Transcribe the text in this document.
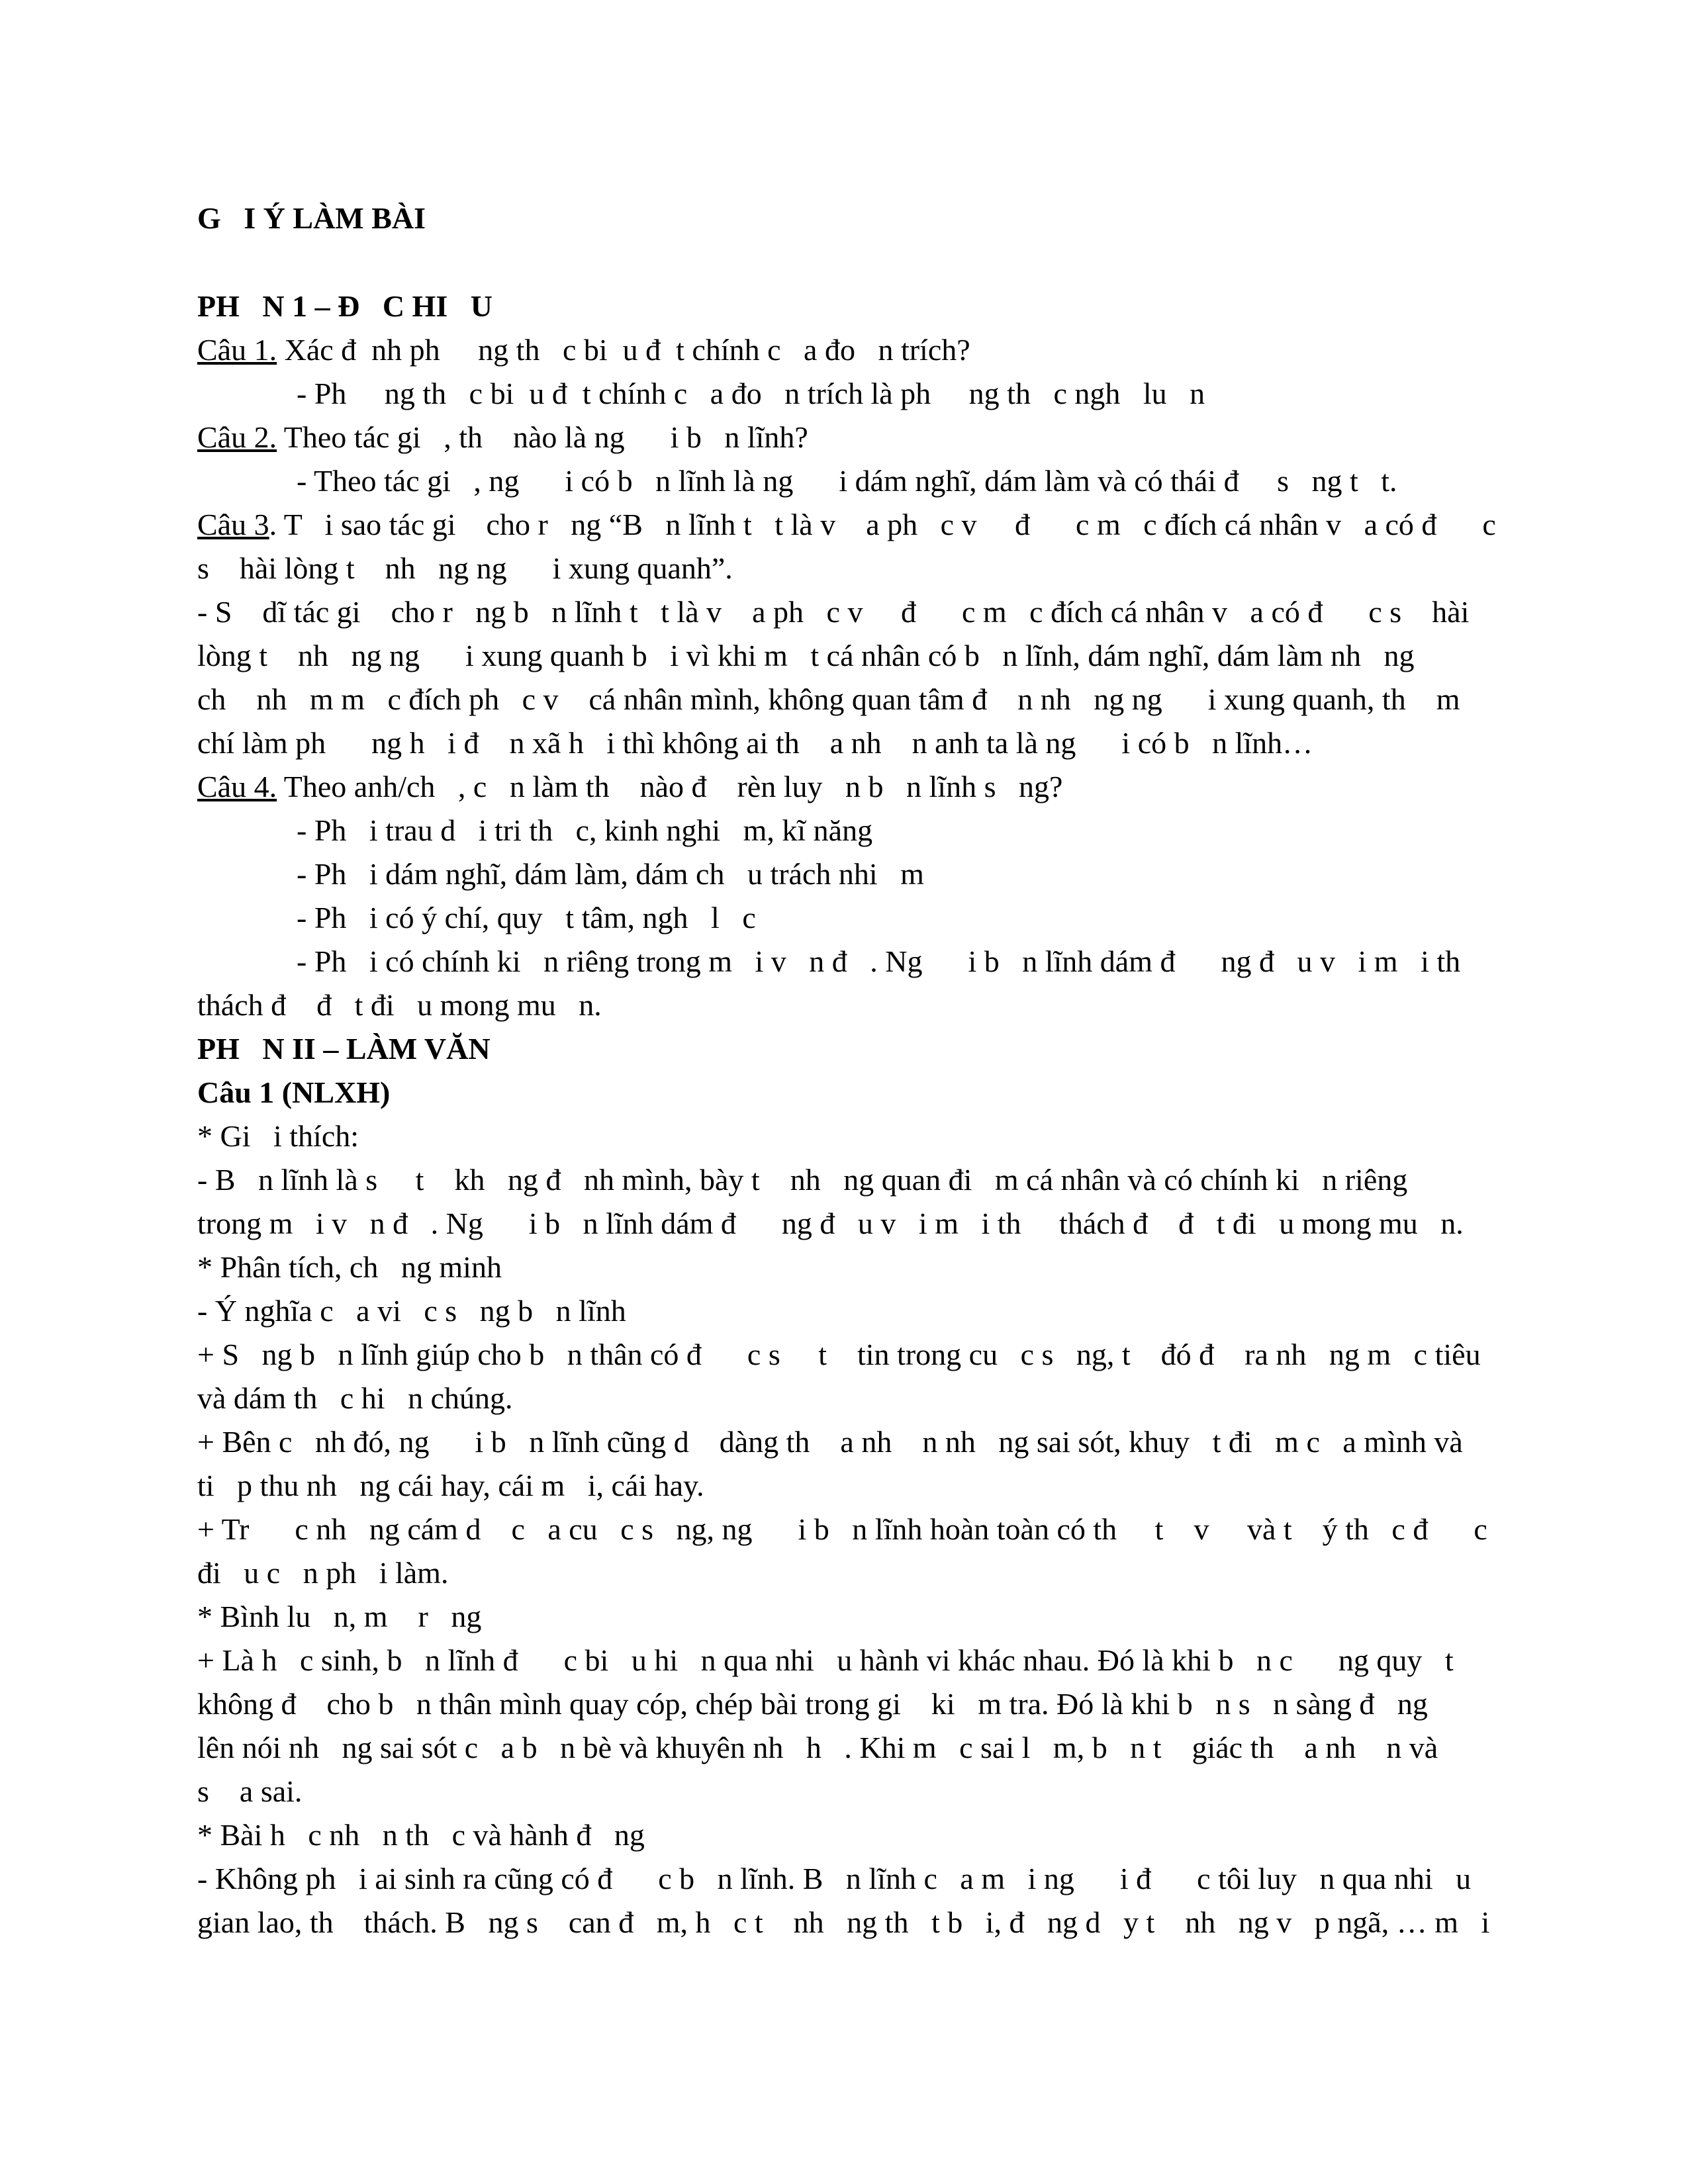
G   I Ý LÀM BÀI
PH   N 1 – Đ   C HI   U
Câu 1. Xác đ  nh ph     ng th   c bi  u đ  t chính c   a đo   n trích?
- Ph     ng th   c bi  u đ  t chính c   a đo   n trích là ph     ng th   c ngh   lu   n
Câu 2. Theo tác gi   , th    nào là ng      i b   n lĩnh?
- Theo tác gi   , ng      i có b   n lĩnh là ng      i dám nghĩ, dám làm và có thái đ     s   ng t   t.
Câu 3. T   i sao tác gi    cho r   ng “B   n lĩnh t   t là v    a ph   c v     đ      c m   c đích cá nhân v   a có đ      c
s    hài lòng t    nh   ng ng      i xung quanh”.
- S    dĩ tác gi    cho r   ng b   n lĩnh t   t là v    a ph   c v     đ      c m   c đích cá nhân v   a có đ      c s    hài
lòng t    nh   ng ng      i xung quanh b   i vì khi m   t cá nhân có b   n lĩnh, dám nghĩ, dám làm nh   ng
ch    nh   m m   c đích ph   c v    cá nhân mình, không quan tâm đ    n nh   ng ng      i xung quanh, th    m
chí làm ph      ng h   i đ    n xã h   i thì không ai th    a nh    n anh ta là ng      i có b   n lĩnh…
Câu 4. Theo anh/ch   , c   n làm th    nào đ    rèn luy   n b   n lĩnh s   ng?
- Ph   i trau d   i tri th   c, kinh nghi   m, kĩ năng
- Ph   i dám nghĩ, dám làm, dám ch   u trách nhi   m
- Ph   i có ý chí, quy   t tâm, ngh   l   c
- Ph   i có chính ki   n riêng trong m   i v   n đ   . Ng      i b   n lĩnh dám đ      ng đ   u v   i m   i th
thách đ    đ   t đi   u mong mu   n.
PH   N II – LÀM VĂN
Câu 1 (NLXH)
* Gi   i thích:
- B   n lĩnh là s     t    kh   ng đ   nh mình, bày t    nh   ng quan đi   m cá nhân và có chính ki   n riêng
trong m   i v   n đ   . Ng      i b   n lĩnh dám đ      ng đ   u v   i m   i th     thách đ    đ   t đi   u mong mu   n.
* Phân tích, ch   ng minh
- Ý nghĩa c   a vi   c s   ng b   n lĩnh
+ S   ng b   n lĩnh giúp cho b   n thân có đ      c s     t    tin trong cu   c s   ng, t    đó đ    ra nh   ng m   c tiêu
và dám th   c hi   n chúng.
+ Bên c   nh đó, ng      i b   n lĩnh cũng d    dàng th    a nh    n nh   ng sai sót, khuy   t đi   m c   a mình và
ti   p thu nh   ng cái hay, cái m   i, cái hay.
+ Tr      c nh   ng cám d    c   a cu   c s   ng, ng      i b   n lĩnh hoàn toàn có th     t    v     và t    ý th   c đ      c
đi   u c   n ph   i làm.
* Bình lu   n, m    r   ng
+ Là h   c sinh, b   n lĩnh đ      c bi   u hi   n qua nhi   u hành vi khác nhau. Đó là khi b   n c      ng quy   t
không đ    cho b   n thân mình quay cóp, chép bài trong gi    ki   m tra. Đó là khi b   n s   n sàng đ   ng
lên nói nh   ng sai sót c   a b   n bè và khuyên nh   h   . Khi m   c sai l   m, b   n t    giác th    a nh    n và
s    a sai.
* Bài h   c nh   n th   c và hành đ   ng
- Không ph   i ai sinh ra cũng có đ      c b   n lĩnh. B   n lĩnh c   a m   i ng      i đ      c tôi luy   n qua nhi   u
gian lao, th    thách. B   ng s    can đ   m, h   c t    nh   ng th   t b   i, đ   ng d   y t    nh   ng v   p ngã, … m   i
